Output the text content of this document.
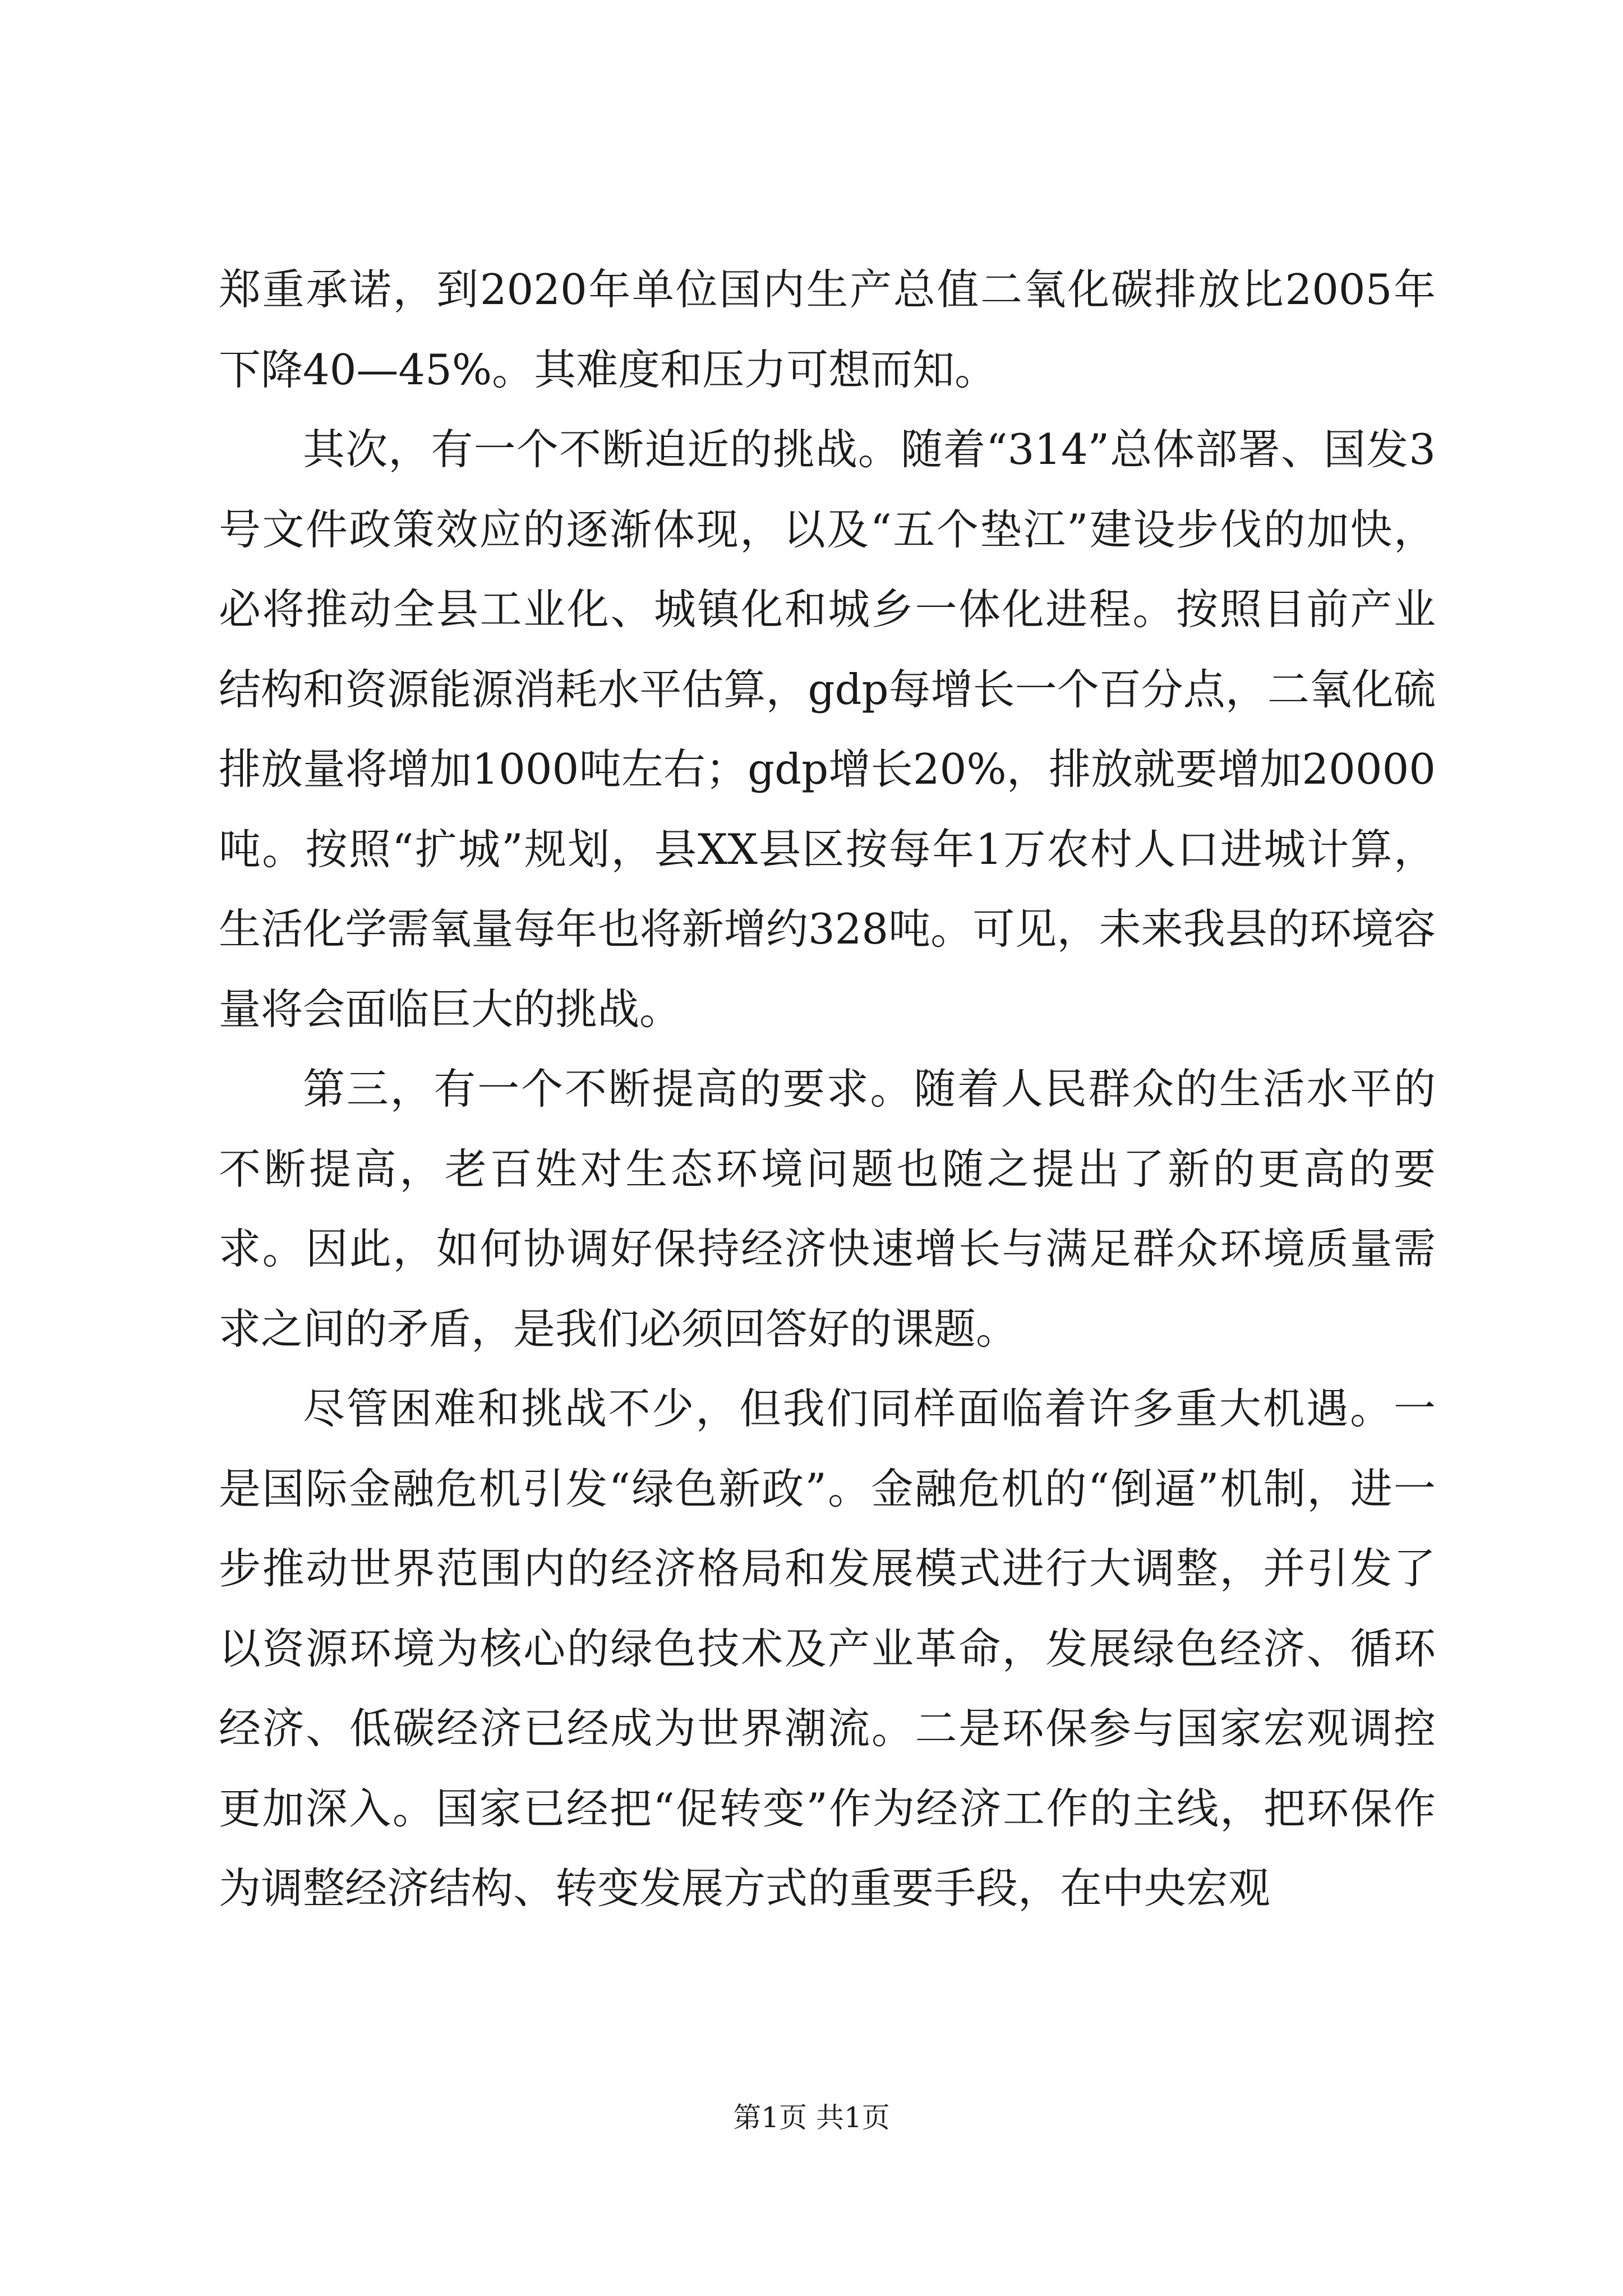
郑重承诺，到2020年单位国内生产总值二氧化碳排放比2005年下降40—45%。其难度和压力可想而知。

其次，有一个不断迫近的挑战。随着“314”总体部署、国发3号文件政策效应的逐渐体现，以及“五个垫江”建设步伐的加快，必将推动全县工业化、城镇化和城乡一体化进程。按照目前产业结构和资源能源消耗水平估算，gdp每增长一个百分点，二氧化硫排放量将增加1000吨左右；gdp增长20%，排放就要增加20000吨。按照“扩城”规划，县XX县区按每年1万农村人口进城计算，生活化学需氧量每年也将新增约328吨。可见，未来我县的环境容量将会面临巨大的挑战。

第三，有一个不断提高的要求。随着人民群众的生活水平的不断提高，老百姓对生态环境问题也随之提出了新的更高的要求。因此，如何协调好保持经济快速增长与满足群众环境质量需求之间的矛盾，是我们必须回答好的课题。

尽管困难和挑战不少，但我们同样面临着许多重大机遇。一是国际金融危机引发“绿色新政”。金融危机的“倒逼”机制，进一步推动世界范围内的经济格局和发展模式进行大调整，并引发了以资源环境为核心的绿色技术及产业革命，发展绿色经济、循环经济、低碳经济已经成为世界潮流。二是环保参与国家宏观调控更加深入。国家已经把“促转变”作为经济工作的主线，把环保作为调整经济结构、转变发展方式的重要手段，在中央宏观

第1页 共1页
